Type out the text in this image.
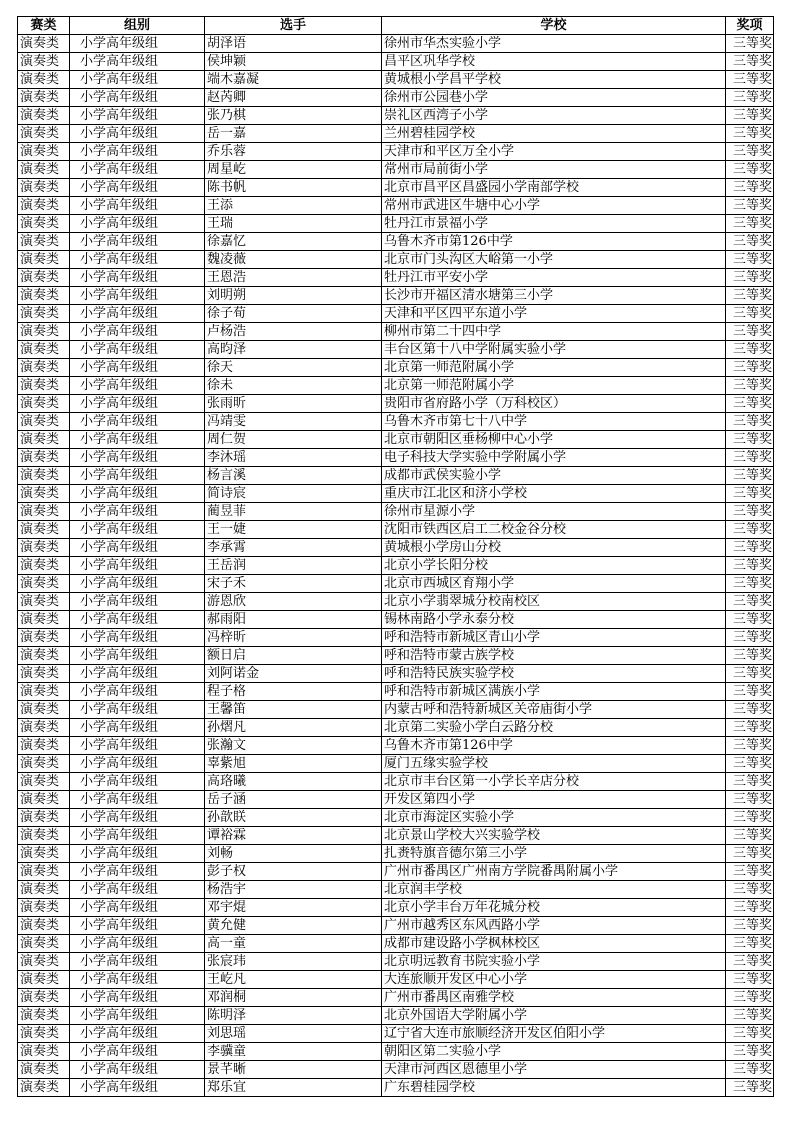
赛类	组别	选手	学校	奖项
演奏类	小学高年级组	胡泽语	徐州市华杰实验小学	三等奖
演奏类	小学高年级组	侯坤颖	昌平区巩华学校	三等奖
演奏类	小学高年级组	端木嘉凝	黄城根小学昌平学校	三等奖
演奏类	小学高年级组	赵芮卿	徐州市公园巷小学	三等奖
演奏类	小学高年级组	张乃棋	崇礼区西湾子小学	三等奖
演奏类	小学高年级组	岳一嘉	兰州碧桂园学校	三等奖
演奏类	小学高年级组	乔乐蓉	天津市和平区万全小学	三等奖
演奏类	小学高年级组	周星屹	常州市局前街小学	三等奖
演奏类	小学高年级组	陈书帆	北京市昌平区昌盛园小学南部学校	三等奖
演奏类	小学高年级组	王添	常州市武进区牛塘中心小学	三等奖
演奏类	小学高年级组	王瑞	牡丹江市景福小学	三等奖
演奏类	小学高年级组	徐嘉忆	乌鲁木齐市第126中学	三等奖
演奏类	小学高年级组	魏凌薇	北京市门头沟区大峪第一小学	三等奖
演奏类	小学高年级组	王恩浩	牡丹江市平安小学	三等奖
演奏类	小学高年级组	刘明朔	长沙市开福区清水塘第三小学	三等奖
演奏类	小学高年级组	徐子荀	天津和平区四平东道小学	三等奖
演奏类	小学高年级组	卢杨浩	柳州市第二十四中学	三等奖
演奏类	小学高年级组	高昀泽	丰台区第十八中学附属实验小学	三等奖
演奏类	小学高年级组	徐天	北京第一师范附属小学	三等奖
演奏类	小学高年级组	徐未	北京第一师范附属小学	三等奖
演奏类	小学高年级组	张雨昕	贵阳市省府路小学（万科校区）	三等奖
演奏类	小学高年级组	冯靖雯	乌鲁木齐市第七十八中学	三等奖
演奏类	小学高年级组	周仁贺	北京市朝阳区垂杨柳中心小学	三等奖
演奏类	小学高年级组	李沐瑶	电子科技大学实验中学附属小学	三等奖
演奏类	小学高年级组	杨言溪	成都市武侯实验小学	三等奖
演奏类	小学高年级组	简诗宸	重庆市江北区和济小学校	三等奖
演奏类	小学高年级组	蔺昱菲	徐州市星源小学	三等奖
演奏类	小学高年级组	王一婕	沈阳市铁西区启工二校金谷分校	三等奖
演奏类	小学高年级组	李承霄	黄城根小学房山分校	三等奖
演奏类	小学高年级组	王岳润	北京小学长阳分校	三等奖
演奏类	小学高年级组	宋子禾	北京市西城区育翔小学	三等奖
演奏类	小学高年级组	游恩欣	北京小学翡翠城分校南校区	三等奖
演奏类	小学高年级组	郝雨阳	锡林南路小学永泰分校	三等奖
演奏类	小学高年级组	冯梓昕	呼和浩特市新城区青山小学	三等奖
演奏类	小学高年级组	额日启	呼和浩特市蒙古族学校	三等奖
演奏类	小学高年级组	刘阿诺金	呼和浩特民族实验学校	三等奖
演奏类	小学高年级组	程子格	呼和浩特市新城区满族小学	三等奖
演奏类	小学高年级组	王馨笛	内蒙古呼和浩特新城区关帝庙街小学	三等奖
演奏类	小学高年级组	孙熠凡	北京第二实验小学白云路分校	三等奖
演奏类	小学高年级组	张瀚文	乌鲁木齐市第126中学	三等奖
演奏类	小学高年级组	辜紫旭	厦门五缘实验学校	三等奖
演奏类	小学高年级组	高珞曦	北京市丰台区第一小学长辛店分校	三等奖
演奏类	小学高年级组	岳子涵	开发区第四小学	三等奖
演奏类	小学高年级组	孙歆眹	北京市海淀区实验小学	三等奖
演奏类	小学高年级组	谭裕霖	北京景山学校大兴实验学校	三等奖
演奏类	小学高年级组	刘畅	扎赉特旗音德尔第三小学	三等奖
演奏类	小学高年级组	彭子权	广州市番禺区广州南方学院番禺附属小学	三等奖
演奏类	小学高年级组	杨浩宇	北京润丰学校	三等奖
演奏类	小学高年级组	邓宇焜	北京小学丰台万年花城分校	三等奖
演奏类	小学高年级组	黄允健	广州市越秀区东风西路小学	三等奖
演奏类	小学高年级组	高一童	成都市建设路小学枫林校区	三等奖
演奏类	小学高年级组	张宸玮	北京明远教育书院实验小学	三等奖
演奏类	小学高年级组	王屹凡	大连旅顺开发区中心小学	三等奖
演奏类	小学高年级组	邓润桐	广州市番禺区南雅学校	三等奖
演奏类	小学高年级组	陈明泽	北京外国语大学附属小学	三等奖
演奏类	小学高年级组	刘思瑶	辽宁省大连市旅顺经济开发区伯阳小学	三等奖
演奏类	小学高年级组	李骥童	朝阳区第二实验小学	三等奖
演奏类	小学高年级组	景芊晰	天津市河西区恩德里小学	三等奖
演奏类	小学高年级组	郑乐宜	广东碧桂园学校	三等奖
